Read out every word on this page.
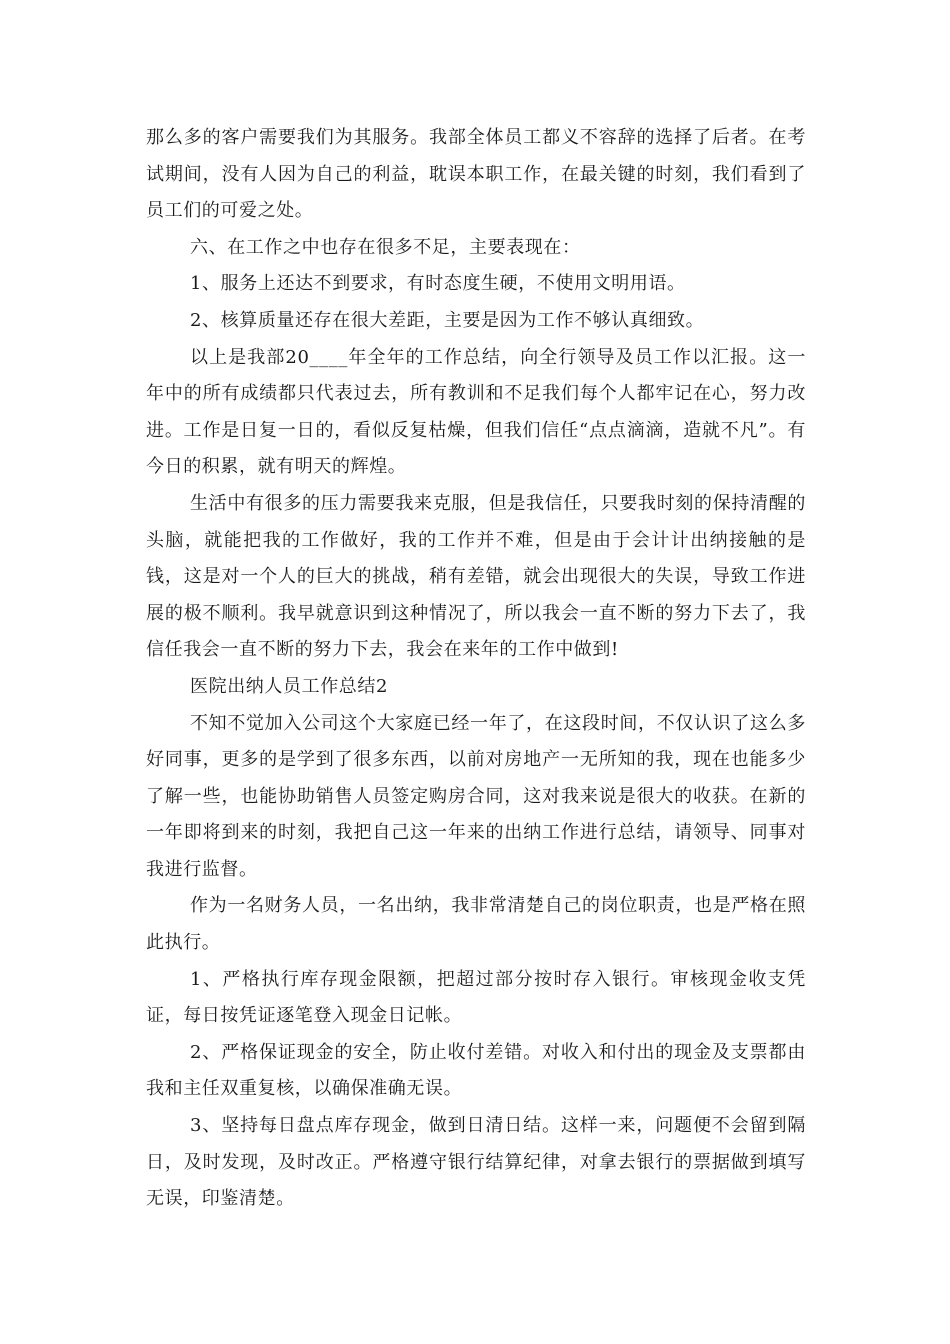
那么多的客户需要我们为其服务。我部全体员工都义不容辞的选择了后者。在考试期间，没有人因为自己的利益，耽误本职工作，在最关键的时刻，我们看到了员工们的可爱之处。

六、在工作之中也存在很多不足，主要表现在：

1、服务上还达不到要求，有时态度生硬，不使用文明用语。

2、核算质量还存在很大差距，主要是因为工作不够认真细致。

以上是我部20____年全年的工作总结，向全行领导及员工作以汇报。这一年中的所有成绩都只代表过去，所有教训和不足我们每个人都牢记在心，努力改进。工作是日复一日的，看似反复枯燥，但我们信任“点点滴滴，造就不凡”。有今日的积累，就有明天的辉煌。

生活中有很多的压力需要我来克服，但是我信任，只要我时刻的保持清醒的头脑，就能把我的工作做好，我的工作并不难，但是由于会计计出纳接触的是钱，这是对一个人的巨大的挑战，稍有差错，就会出现很大的失误，导致工作进展的极不顺利。我早就意识到这种情况了，所以我会一直不断的努力下去了，我信任我会一直不断的努力下去，我会在来年的工作中做到!

医院出纳人员工作总结2

不知不觉加入公司这个大家庭已经一年了，在这段时间，不仅认识了这么多好同事，更多的是学到了很多东西，以前对房地产一无所知的我，现在也能多少了解一些，也能协助销售人员签定购房合同，这对我来说是很大的收获。在新的一年即将到来的时刻，我把自己这一年来的出纳工作进行总结，请领导、同事对我进行监督。

作为一名财务人员，一名出纳，我非常清楚自己的岗位职责，也是严格在照此执行。

1、严格执行库存现金限额，把超过部分按时存入银行。审核现金收支凭证，每日按凭证逐笔登入现金日记帐。

2、严格保证现金的安全，防止收付差错。对收入和付出的现金及支票都由我和主任双重复核，以确保准确无误。

3、坚持每日盘点库存现金，做到日清日结。这样一来，问题便不会留到隔日，及时发现，及时改正。严格遵守银行结算纪律，对拿去银行的票据做到填写无误，印鉴清楚。
